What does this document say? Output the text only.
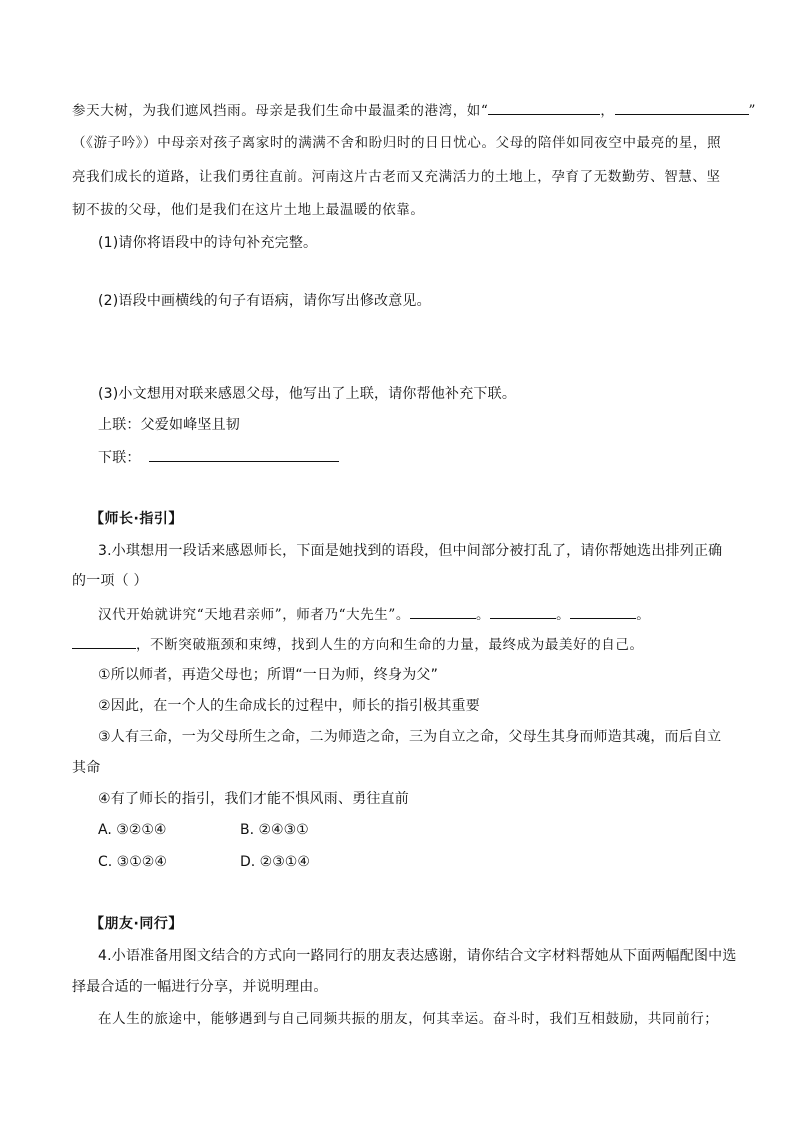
参天大树，为我们遮风挡雨。母亲是我们生命中最温柔的港湾，如“	，	”
（《游子吟》）中母亲对孩子离家时的满满不舍和盼归时的日日忧心。父母的陪伴如同夜空中最亮的星，照
亮我们成长的道路，让我们勇往直前。河南这片古老而又充满活力的土地上，孕育了无数勤劳、智慧、坚
韧不拔的父母，他们是我们在这片土地上最温暖的依靠。
(1)请你将语段中的诗句补充完整。
(2)语段中画横线的句子有语病，请你写出修改意见。
(3)小文想用对联来感恩父母，他写出了上联，请你帮他补充下联。
上联：父爱如峰坚且韧
下联：
【师长·指引】
3.小琪想用一段话来感恩师长，下面是她找到的语段，但中间部分被打乱了，请你帮她选出排列正确
的一项（ ）
汉代开始就讲究“天地君亲师”，师者乃“大先生”。	。	。	。
，不断突破瓶颈和束缚，找到人生的方向和生命的力量，最终成为最美好的自己。
①所以师者，再造父母也；所谓“一日为师，终身为父”
②因此，在一个人的生命成长的过程中，师长的指引极其重要
③人有三命，一为父母所生之命，二为师造之命，三为自立之命，父母生其身而师造其魂，而后自立
其命
④有了师长的指引，我们才能不惧风雨、勇往直前
A. ③②①④	B. ②④③①
C. ③①②④	D. ②③①④
【朋友·同行】
4.小语准备用图文结合的方式向一路同行的朋友表达感谢，请你结合文字材料帮她从下面两幅配图中选
择最合适的一幅进行分享，并说明理由。
在人生的旅途中，能够遇到与自己同频共振的朋友，何其幸运。奋斗时，我们互相鼓励，共同前行；
